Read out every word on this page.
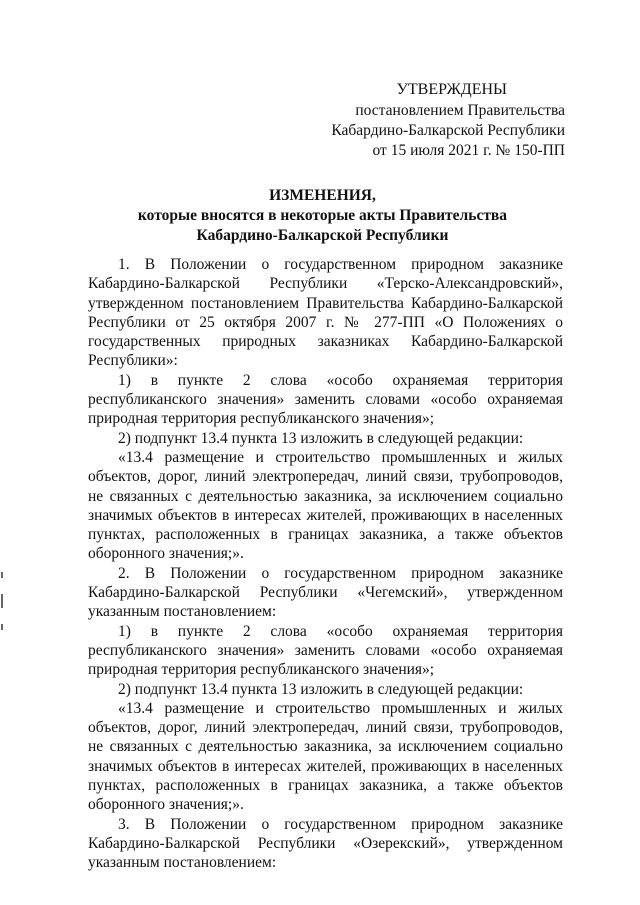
УТВЕРЖДЕНЫ
постановлением Правительства
Кабардино-Балкарской Республики
от 15 июля 2021 г. № 150-ПП
ИЗМЕНЕНИЯ,
которые вносятся в некоторые акты Правительства
Кабардино-Балкарской Республики

1. В Положении о государственном природном заказнике Кабардино-Балкарской Республики «Терско-Александровский», утвержденном постановлением Правительства Кабардино-Балкарской Республики от 25 октября 2007 г. № 277-ПП «О Положениях о государственных природных заказниках Кабардино-Балкарской Республики»:

1) в пункте 2 слова «особо охраняемая территория республиканского значения» заменить словами «особо охраняемая природная территория республиканского значения»;

2) подпункт 13.4 пункта 13 изложить в следующей редакции:

«13.4 размещение и строительство промышленных и жилых объектов, дорог, линий электропередач, линий связи, трубопроводов, не связанных с деятельностью заказника, за исключением социально значимых объектов в интересах жителей, проживающих в населенных пунктах, расположенных в границах заказника, а также объектов оборонного значения;».

2. В Положении о государственном природном заказнике Кабардино-Балкарской Республики «Чегемский», утвержденном указанным постановлением:

1) в пункте 2 слова «особо охраняемая территория республиканского значения» заменить словами «особо охраняемая природная территория республиканского значения»;

2) подпункт 13.4 пункта 13 изложить в следующей редакции:

«13.4 размещение и строительство промышленных и жилых объектов, дорог, линий электропередач, линий связи, трубопроводов, не связанных с деятельностью заказника, за исключением социально значимых объектов в интересах жителей, проживающих в населенных пунктах, расположенных в границах заказника, а также объектов оборонного значения;».

3. В Положении о государственном природном заказнике Кабардино-Балкарской Республики «Озерекский», утвержденном указанным постановлением:
